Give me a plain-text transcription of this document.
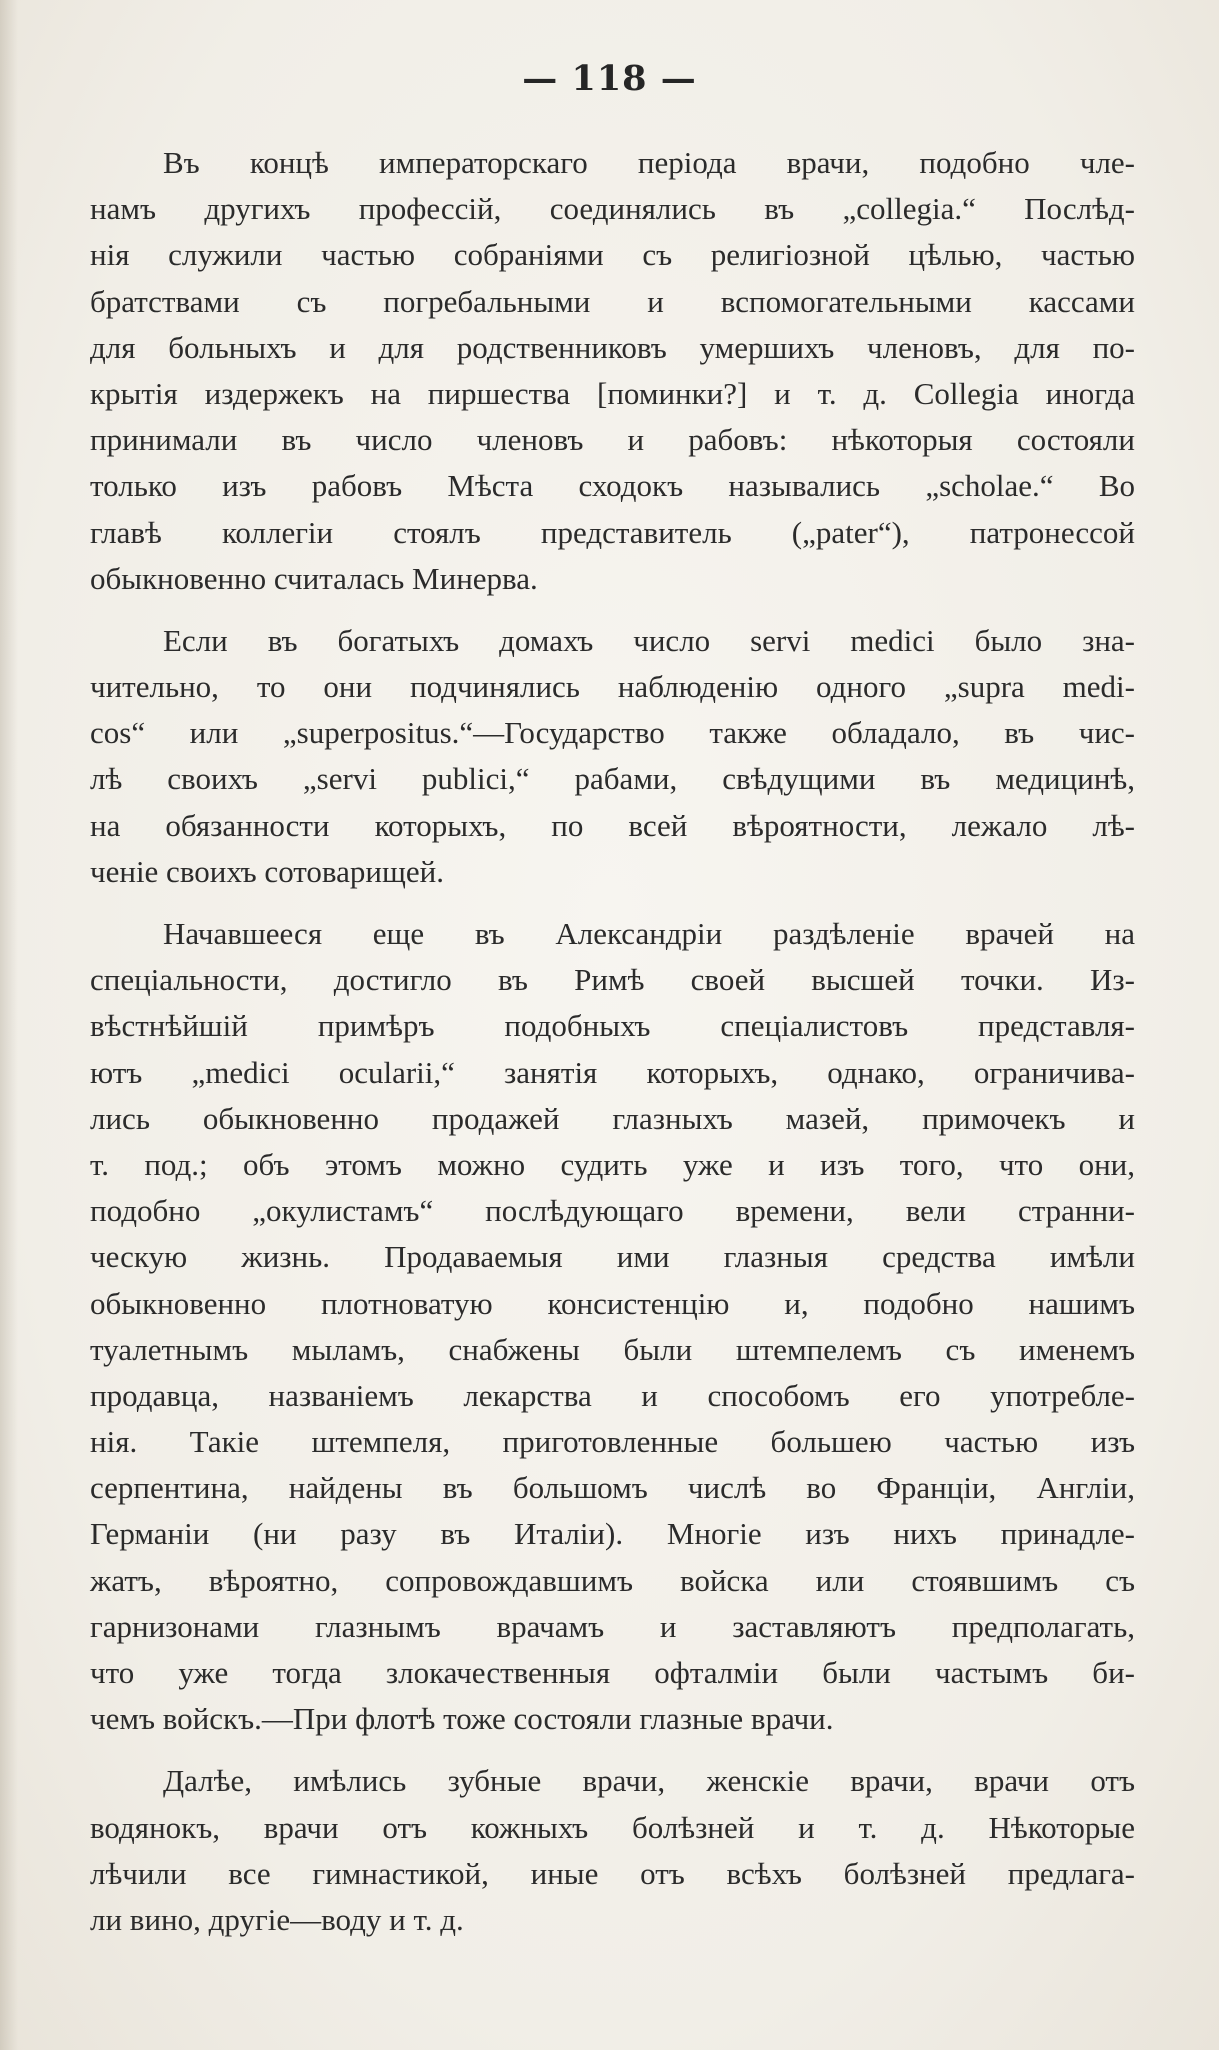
— 118 —
Въ концѣ императорскаго періода врачи, подобно чле-
намъ другихъ профессій, соединялись въ „collegia.“ Послѣд-
нія служили частью собраніями съ религіозной цѣлью, частью
братствами съ погребальными и вспомогательными кассами
для больныхъ и для родственниковъ умершихъ членовъ, для по-
крытія издержекъ на пиршества [поминки?] и т. д. Collegia иногда
принимали въ число членовъ и рабовъ: нѣкоторыя состояли
только изъ рабовъ Мѣста сходокъ назывались „scholae.“ Во
главѣ коллегіи стоялъ представитель („pater“), патронессой
обыкновенно считалась Минерва.
Если въ богатыхъ домахъ число servi medici было зна-
чительно, то они подчинялись наблюденію одного „supra medi-
cos“ или „superpositus.“—Государство также обладало, въ чис-
лѣ своихъ „servi publici,“ рабами, свѣдущими въ медицинѣ,
на обязанности которыхъ, по всей вѣроятности, лежало лѣ-
ченіе своихъ сотоварищей.
Начавшееся еще въ Александріи раздѣленіе врачей на
спеціальности, достигло въ Римѣ своей высшей точки. Из-
вѣстнѣйшій примѣръ подобныхъ спеціалистовъ представля-
ютъ „medici ocularii,“ занятія которыхъ, однако, ограничива-
лись обыкновенно продажей глазныхъ мазей, примочекъ и
т. под.; объ этомъ можно судить уже и изъ того, что они,
подобно „окулистамъ“ послѣдующаго времени, вели странни-
ческую жизнь. Продаваемыя ими глазныя средства имѣли
обыкновенно плотноватую консистенцію и, подобно нашимъ
туалетнымъ мыламъ, снабжены были штемпелемъ съ именемъ
продавца, названіемъ лекарства и способомъ его употребле-
нія. Такіе штемпеля, приготовленные большею частью изъ
серпентина, найдены въ большомъ числѣ во Франціи, Англіи,
Германіи (ни разу въ Италіи). Многіе изъ нихъ принадле-
жатъ, вѣроятно, сопровождавшимъ войска или стоявшимъ съ
гарнизонами глазнымъ врачамъ и заставляютъ предполагать,
что уже тогда злокачественныя офталміи были частымъ би-
чемъ войскъ.—При флотѣ тоже состояли глазные врачи.
Далѣе, имѣлись зубные врачи, женскіе врачи, врачи отъ
водянокъ, врачи отъ кожныхъ болѣзней и т. д. Нѣкоторые
лѣчили все гимнастикой, иные отъ всѣхъ болѣзней предлага-
ли вино, другіе—воду и т. д.
